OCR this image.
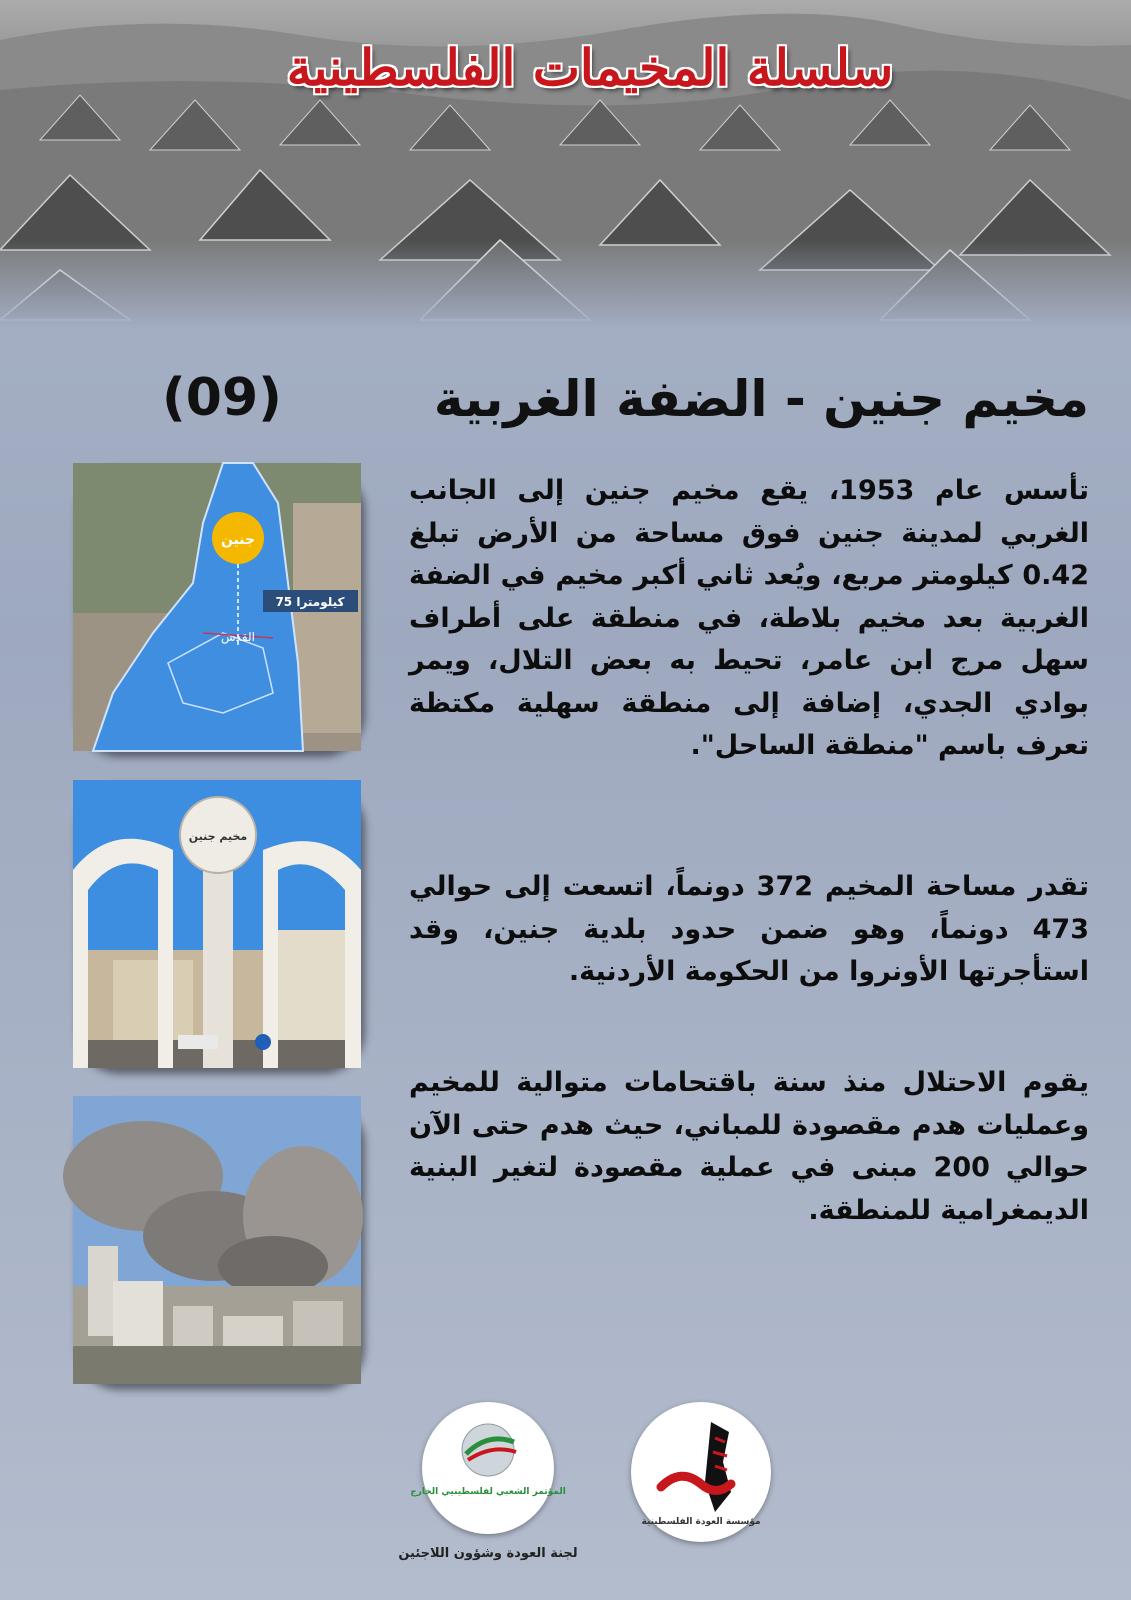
سلسلة المخيمات الفلسطينية
مخيم جنين - الضفة الغربية
(09)
تأسس عام 1953، يقع مخيم جنين إلى الجانب الغربي لمدينة جنين فوق مساحة من الأرض تبلغ 0.42 كيلومتر مربع، ويُعد ثاني أكبر مخيم في الضفة الغربية بعد مخيم بلاطة، في منطقة على أطراف سهل مرج ابن عامر، تحيط به بعض التلال، ويمر بوادي الجدي، إضافة إلى منطقة سهلية مكتظة تعرف باسم "منطقة الساحل".
تقدر مساحة المخيم 372 دونماً، اتسعت إلى حوالي 473 دونماً، وهو ضمن حدود بلدية جنين، وقد استأجرتها الأونروا من الحكومة الأردنية.
يقوم الاحتلال منذ سنة باقتحامات متوالية للمخيم وعمليات هدم مقصودة للمباني، حيث هدم حتى الآن حوالي 200 مبنى في عملية مقصودة لتغير البنية الديمغرامية للمنطقة.
جنين
75 كيلومترا
القدس
مخيم جنين
المؤتمر الشعبي لفلسطينيي الخارج
مؤسسة العودة الفلسطينية
لجنة العودة وشؤون اللاجئين
